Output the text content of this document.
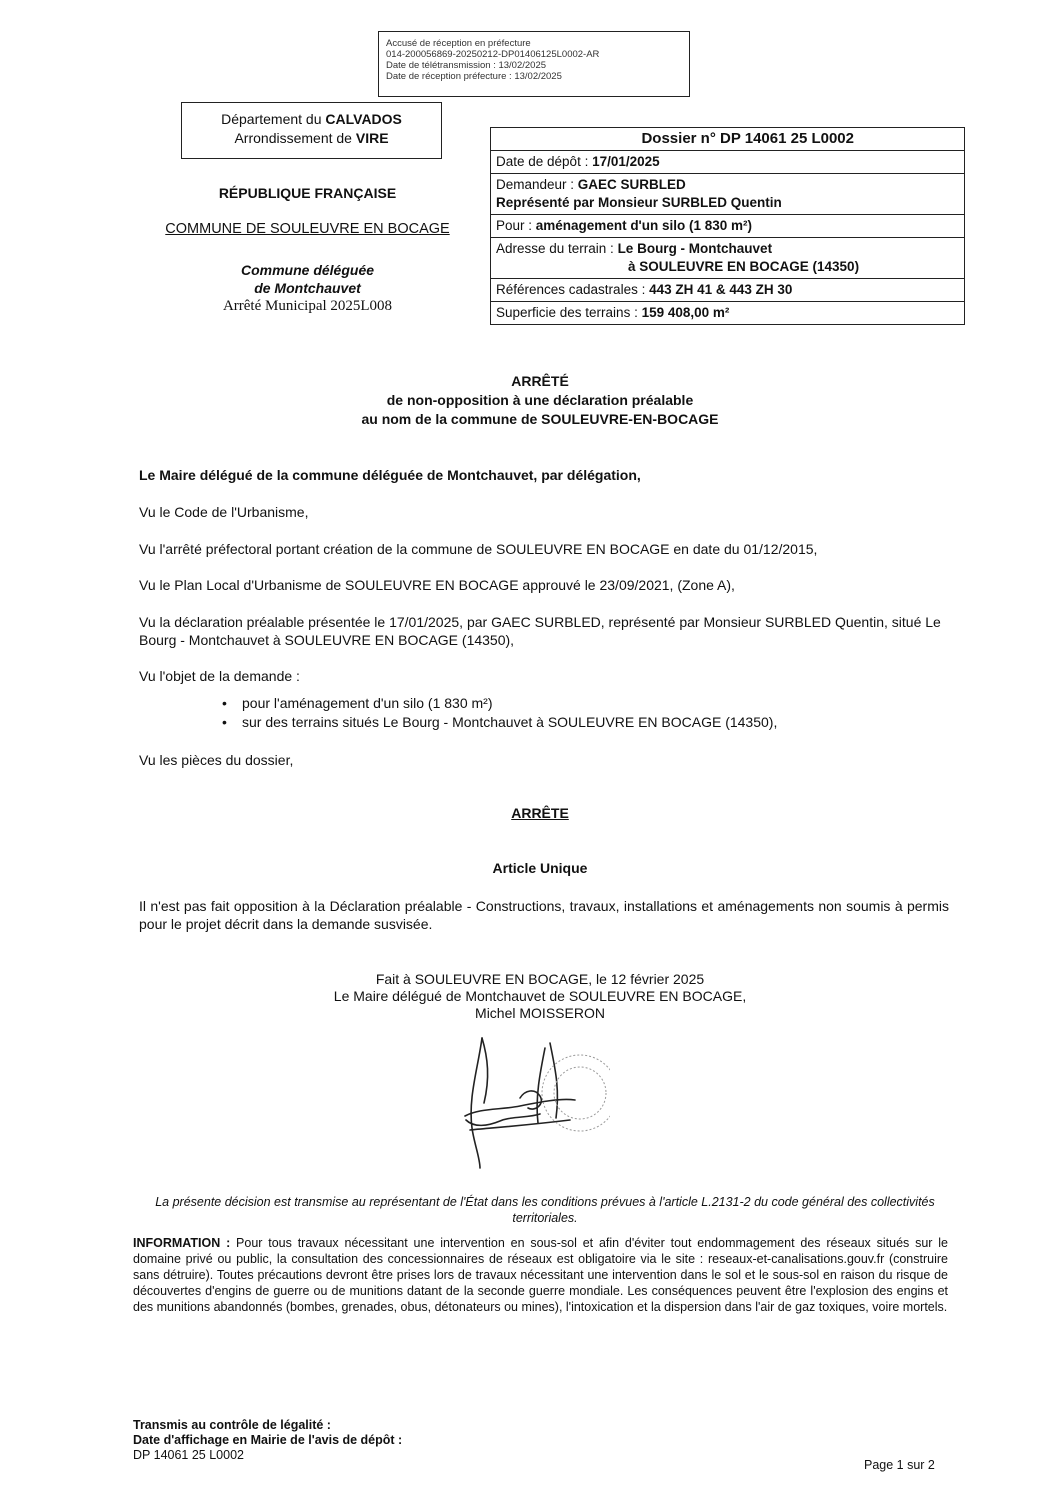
Accusé de réception en préfecture
014-200056869-20250212-DP01406125L0002-AR
Date de télétransmission : 13/02/2025
Date de réception préfecture : 13/02/2025
Département du CALVADOS
Arrondissement de VIRE
RÉPUBLIQUE FRANÇAISE
COMMUNE DE SOULEUVRE EN BOCAGE
Commune déléguée
de Montchauvet
Arrêté Municipal 2025L008
Dossier n° DP 14061 25 L0002
Date de dépôt : 17/01/2025
Demandeur : GAEC SURBLED
Représenté par Monsieur SURBLED Quentin
Pour : aménagement d'un silo (1 830 m²)
Adresse du terrain : Le Bourg - Montchauvet
à SOULEUVRE EN BOCAGE (14350)
Références cadastrales : 443 ZH 41 & 443 ZH 30
Superficie des terrains : 159 408,00 m²
ARRÊTÉ
de non-opposition à une déclaration préalable
au nom de la commune de SOULEUVRE-EN-BOCAGE
Le Maire délégué de la commune déléguée de Montchauvet, par délégation,
Vu le Code de l'Urbanisme,
Vu l'arrêté préfectoral portant création de la commune de SOULEUVRE EN BOCAGE en date du 01/12/2015,
Vu le Plan Local d'Urbanisme de SOULEUVRE EN BOCAGE approuvé le 23/09/2021, (Zone A),
Vu la déclaration préalable présentée le 17/01/2025, par GAEC SURBLED, représenté par Monsieur SURBLED Quentin, situé Le Bourg - Montchauvet à SOULEUVRE EN BOCAGE (14350),
Vu l'objet de la demande :
• pour l'aménagement d'un silo (1 830 m²)
• sur des terrains situés Le Bourg - Montchauvet à SOULEUVRE EN BOCAGE (14350),
Vu les pièces du dossier,
ARRÊTE
Article Unique
Il n'est pas fait opposition à la Déclaration préalable - Constructions, travaux, installations et aménagements non soumis à permis pour le projet décrit dans la demande susvisée.
Fait à SOULEUVRE EN BOCAGE, le 12 février 2025
Le Maire délégué de Montchauvet de SOULEUVRE EN BOCAGE,
Michel MOISSERON
La présente décision est transmise au représentant de l'État dans les conditions prévues à l'article L.2131-2 du code général des collectivités territoriales.
INFORMATION : Pour tous travaux nécessitant une intervention en sous-sol et afin d'éviter tout endommagement des réseaux situés sur le domaine privé ou public, la consultation des concessionnaires de réseaux est obligatoire via le site : reseaux-et-canalisations.gouv.fr (construire sans détruire). Toutes précautions devront être prises lors de travaux nécessitant une intervention dans le sol et le sous-sol en raison du risque de découvertes d'engins de guerre ou de munitions datant de la seconde guerre mondiale. Les conséquences peuvent être l'explosion des engins et des munitions abandonnés (bombes, grenades, obus, détonateurs ou mines), l'intoxication et la dispersion dans l'air de gaz toxiques, voire mortels.
Transmis au contrôle de légalité :
Date d'affichage en Mairie de l'avis de dépôt :
DP 14061 25 L0002
Page 1 sur 2
